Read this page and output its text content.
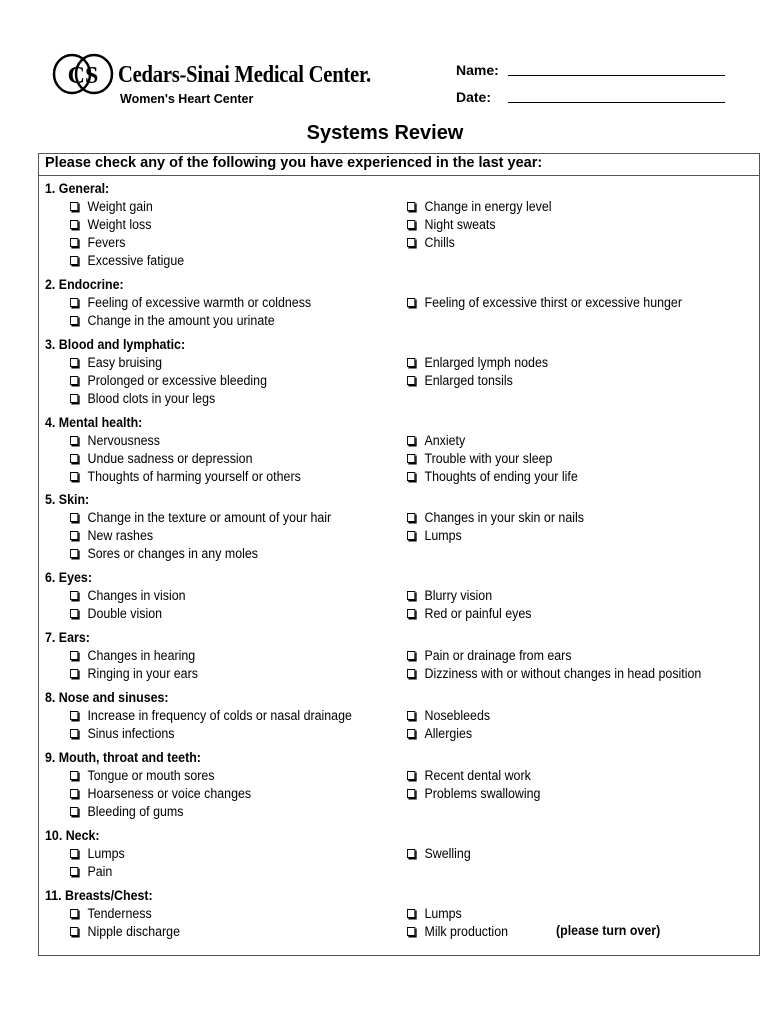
CS Cedars-Sinai Medical Center.
Women's Heart Center
Name:
Date:
Systems Review
Please check any of the following you have experienced in the last year:
1. General:
Weight gain
Weight loss
Fevers
Excessive fatigue
Change in energy level
Night sweats
Chills
2. Endocrine:
Feeling of excessive warmth or coldness
Change in the amount you urinate
Feeling of excessive thirst or excessive hunger
3. Blood and lymphatic:
Easy bruising
Prolonged or excessive bleeding
Blood clots in your legs
Enlarged lymph nodes
Enlarged tonsils
4. Mental health:
Nervousness
Undue sadness or depression
Thoughts of harming yourself or others
Anxiety
Trouble with your sleep
Thoughts of ending your life
5. Skin:
Change in the texture or amount of your hair
New rashes
Sores or changes in any moles
Changes in your skin or nails
Lumps
6. Eyes:
Changes in vision
Double vision
Blurry vision
Red or painful eyes
7. Ears:
Changes in hearing
Ringing in your ears
Pain or drainage from ears
Dizziness with or without changes in head position
8. Nose and sinuses:
Increase in frequency of colds or nasal drainage
Sinus infections
Nosebleeds
Allergies
9. Mouth, throat and teeth:
Tongue or mouth sores
Hoarseness or voice changes
Bleeding of gums
Recent dental work
Problems swallowing
10. Neck:
Lumps
Pain
Swelling
11. Breasts/Chest:
Tenderness
Nipple discharge
Lumps
Milk production	(please turn over)
